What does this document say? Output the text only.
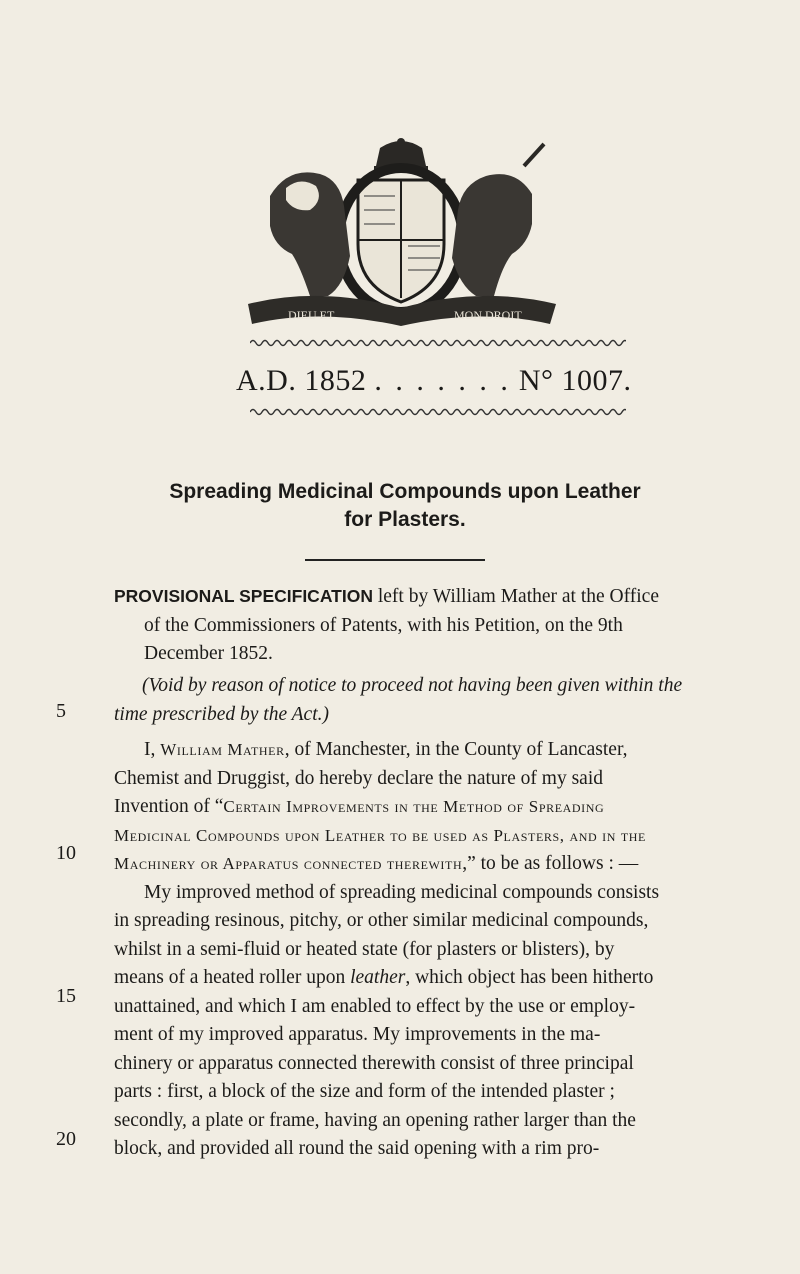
DIEU ET	MON DROIT
A.D. 1852 . . . . . . . N° 1007.
Spreading Medicinal Compounds upon Leather
for Plasters.
PROVISIONAL SPECIFICATION left by William Mather at the Office
of the Commissioners of Patents, with his Petition, on the 9th
December 1852.
(Void by reason of notice to proceed not having been given within the
time prescribed by the Act.)
I, William Mather, of Manchester, in the County of Lancaster,
Chemist and Druggist, do hereby declare the nature of my said
Invention of “Certain Improvements in the Method of Spreading
Medicinal Compounds upon Leather to be used as Plasters, and in the
Machinery or Apparatus connected therewith,” to be as follows : —
My improved method of spreading medicinal compounds consists
in spreading resinous, pitchy, or other similar medicinal compounds,
whilst in a semi-fluid or heated state (for plasters or blisters), by
means of a heated roller upon leather, which object has been hitherto
unattained, and which I am enabled to effect by the use or employ-
ment of my improved apparatus. My improvements in the ma-
chinery or apparatus connected therewith consist of three principal
parts : first, a block of the size and form of the intended plaster ;
secondly, a plate or frame, having an opening rather larger than the
block, and provided all round the said opening with a rim pro-
5
10
15
20
